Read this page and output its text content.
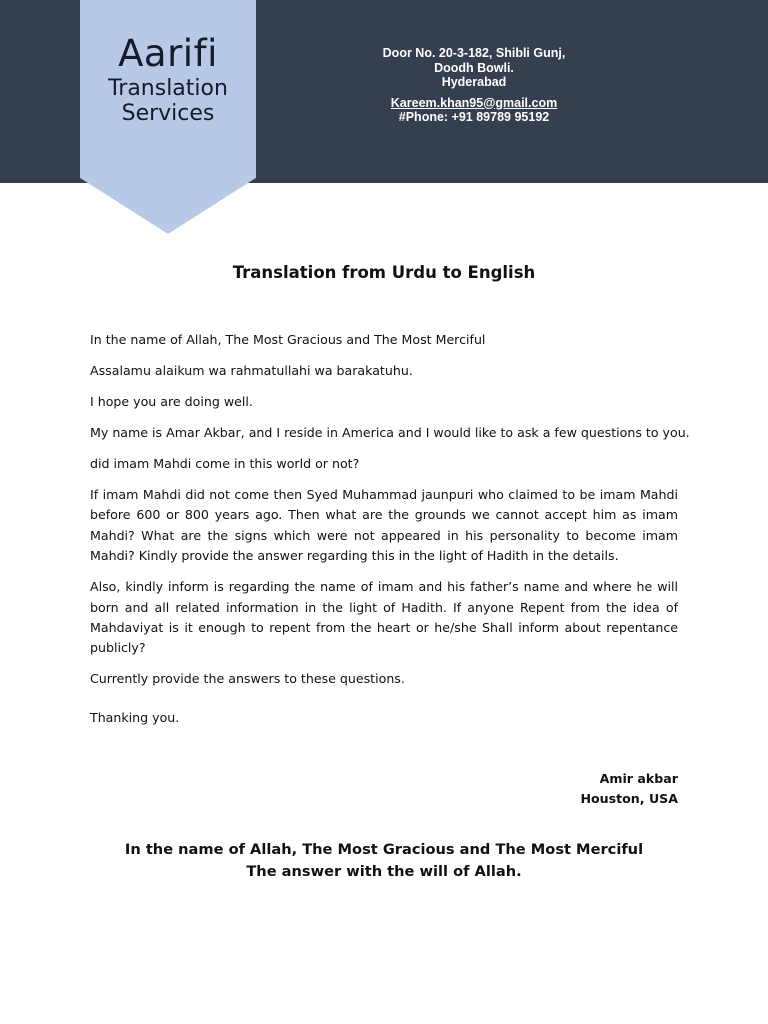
Aarifi
Translation
Services
Door No. 20-3-182, Shibli Gunj,
Doodh Bowli.
Hyderabad
Kareem.khan95@gmail.com
#Phone: +91 89789 95192
Translation from Urdu to English

In the name of Allah, The Most Gracious and The Most Merciful

Assalamu alaikum wa rahmatullahi wa barakatuhu.

I hope you are doing well.

My name is Amar Akbar, and I reside in America and I would like to ask a few questions to you.

did imam Mahdi come in this world or not?

If imam Mahdi did not come then Syed Muhammad jaunpuri who claimed to be imam Mahdi before 600 or 800 years ago. Then what are the grounds we cannot accept him as imam Mahdi? What are the signs which were not appeared in his personality to become imam Mahdi? Kindly provide the answer regarding this in the light of Hadith in the details.

Also, kindly inform is regarding the name of imam and his father’s name and where he will born and all related information in the light of Hadith. If anyone Repent from the idea of Mahdaviyat is it enough to repent from the heart or he/she Shall inform about repentance publicly?

Currently provide the answers to these questions.

Thanking you.
Amir akbar
Houston, USA
In the name of Allah, The Most Gracious and The Most Merciful
The answer with the will of Allah.
